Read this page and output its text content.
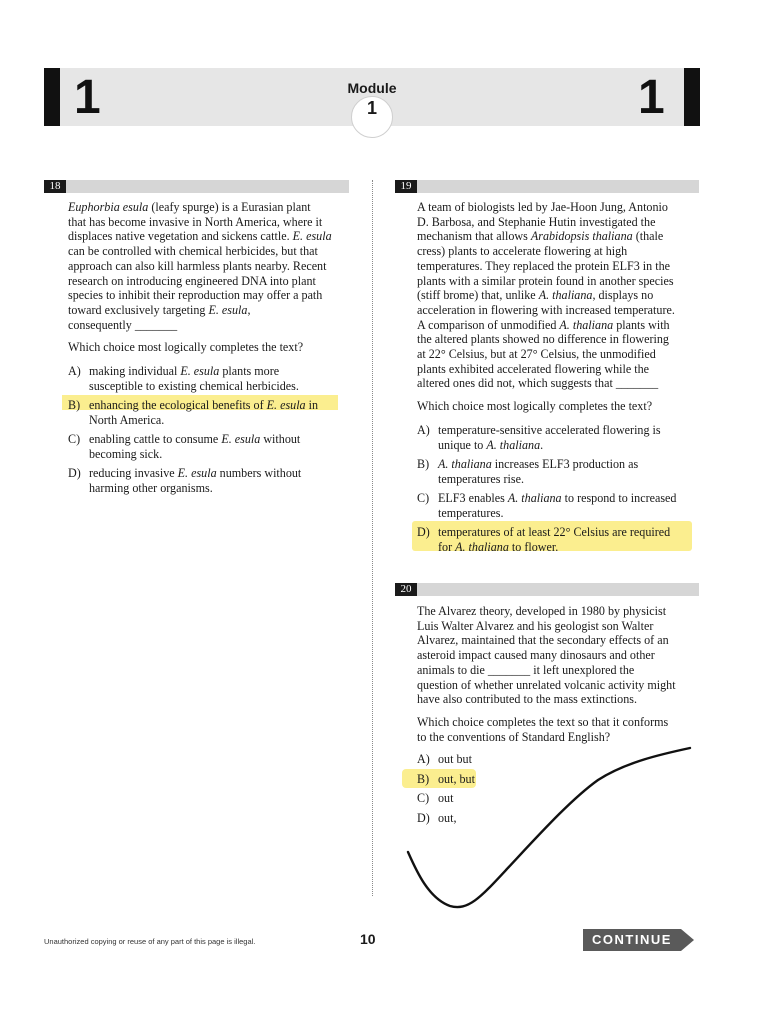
1	1
Module
1
18
Euphorbia esula (leafy spurge) is a Eurasian plant
that has become invasive in North America, where it
displaces native vegetation and sickens cattle. E. esula
can be controlled with chemical herbicides, but that
approach can also kill harmless plants nearby. Recent
research on introducing engineered DNA into plant
species to inhibit their reproduction may offer a path
toward exclusively targeting E. esula,
consequently _______
Which choice most logically completes the text?
A) making individual E. esula plants more
susceptible to existing chemical herbicides.
B) enhancing the ecological benefits of E. esula in
North America.
C) enabling cattle to consume E. esula without
becoming sick.
D) reducing invasive E. esula numbers without
harming other organisms.
19
A team of biologists led by Jae-Hoon Jung, Antonio
D. Barbosa, and Stephanie Hutin investigated the
mechanism that allows Arabidopsis thaliana (thale
cress) plants to accelerate flowering at high
temperatures. They replaced the protein ELF3 in the
plants with a similar protein found in another species
(stiff brome) that, unlike A. thaliana, displays no
acceleration in flowering with increased temperature.
A comparison of unmodified A. thaliana plants with
the altered plants showed no difference in flowering
at 22° Celsius, but at 27° Celsius, the unmodified
plants exhibited accelerated flowering while the
altered ones did not, which suggests that _______
Which choice most logically completes the text?
A) temperature-sensitive accelerated flowering is
unique to A. thaliana.
B) A. thaliana increases ELF3 production as
temperatures rise.
C) ELF3 enables A. thaliana to respond to increased
temperatures.
D) temperatures of at least 22° Celsius are required
for A. thaliana to flower.
20
The Alvarez theory, developed in 1980 by physicist
Luis Walter Alvarez and his geologist son Walter
Alvarez, maintained that the secondary effects of an
asteroid impact caused many dinosaurs and other
animals to die _______ it left unexplored the
question of whether unrelated volcanic activity might
have also contributed to the mass extinctions.
Which choice completes the text so that it conforms
to the conventions of Standard English?
A) out but
B) out, but
C) out
D) out,
Unauthorized copying or reuse of any part of this page is illegal.	10	CONTINUE
